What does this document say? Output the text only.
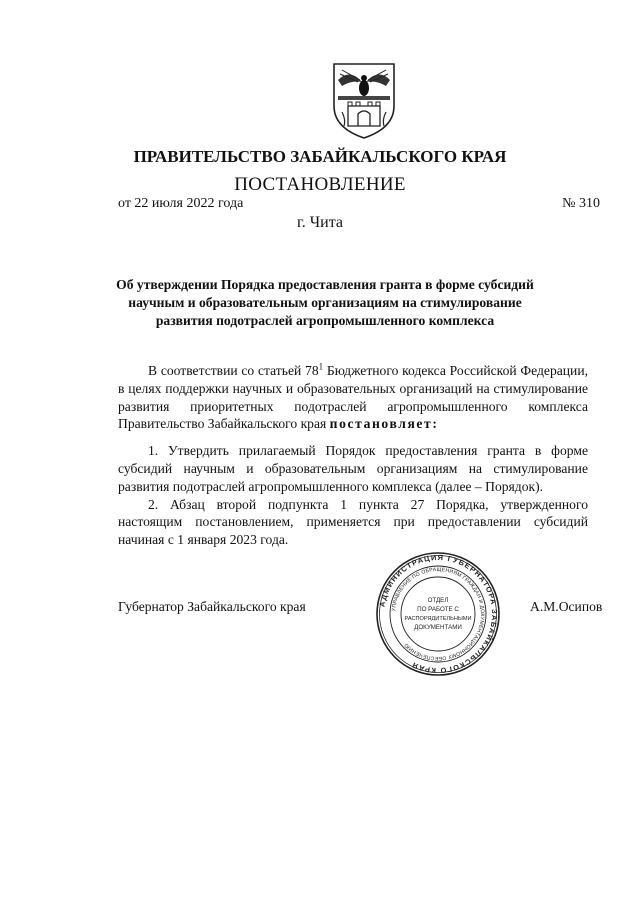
ПРАВИТЕЛЬСТВО ЗАБАЙКАЛЬСКОГО КРАЯ
ПОСТАНОВЛЕНИЕ
от 22 июля 2022 года	№ 310
г. Чита
Об утверждении Порядка предоставления гранта в форме субсидий научным и образовательным организациям на стимулирование развития подотраслей агропромышленного комплекса

В соответствии со статьей $78^1$ Бюджетного кодекса Российской Федерации, в целях поддержки научных и образовательных организаций на стимулирование развития приоритетных подотраслей агропромышленного комплекса Правительство Забайкальского края постановляет:

1. Утвердить прилагаемый Порядок предоставления гранта в форме субсидий научным и образовательным организациям на стимулирование развития подотраслей агропромышленного комплекса (далее – Порядок).

2. Абзац второй подпункта 1 пункта 27 Порядка, утвержденного настоящим постановлением, применяется при предоставлении субсидий начиная с 1 января 2023 года.

Губернатор Забайкальского края	А.М.Осипов
АДМИНИСТРАЦИЯ ГУБЕРНАТОРА ЗАБАЙКАЛЬСКОГО КРАЯ
УПРАВЛЕНИЕ ПО ОБРАЩЕНИЯМ ГРАЖДАН И ДОКУМЕНТАЦИОННОМУ ОБЕСПЕЧЕНИЮ
ОТДЕЛ
ПО РАБОТЕ С
РАСПОРЯДИТЕЛЬНЫМИ
ДОКУМЕНТАМИ
